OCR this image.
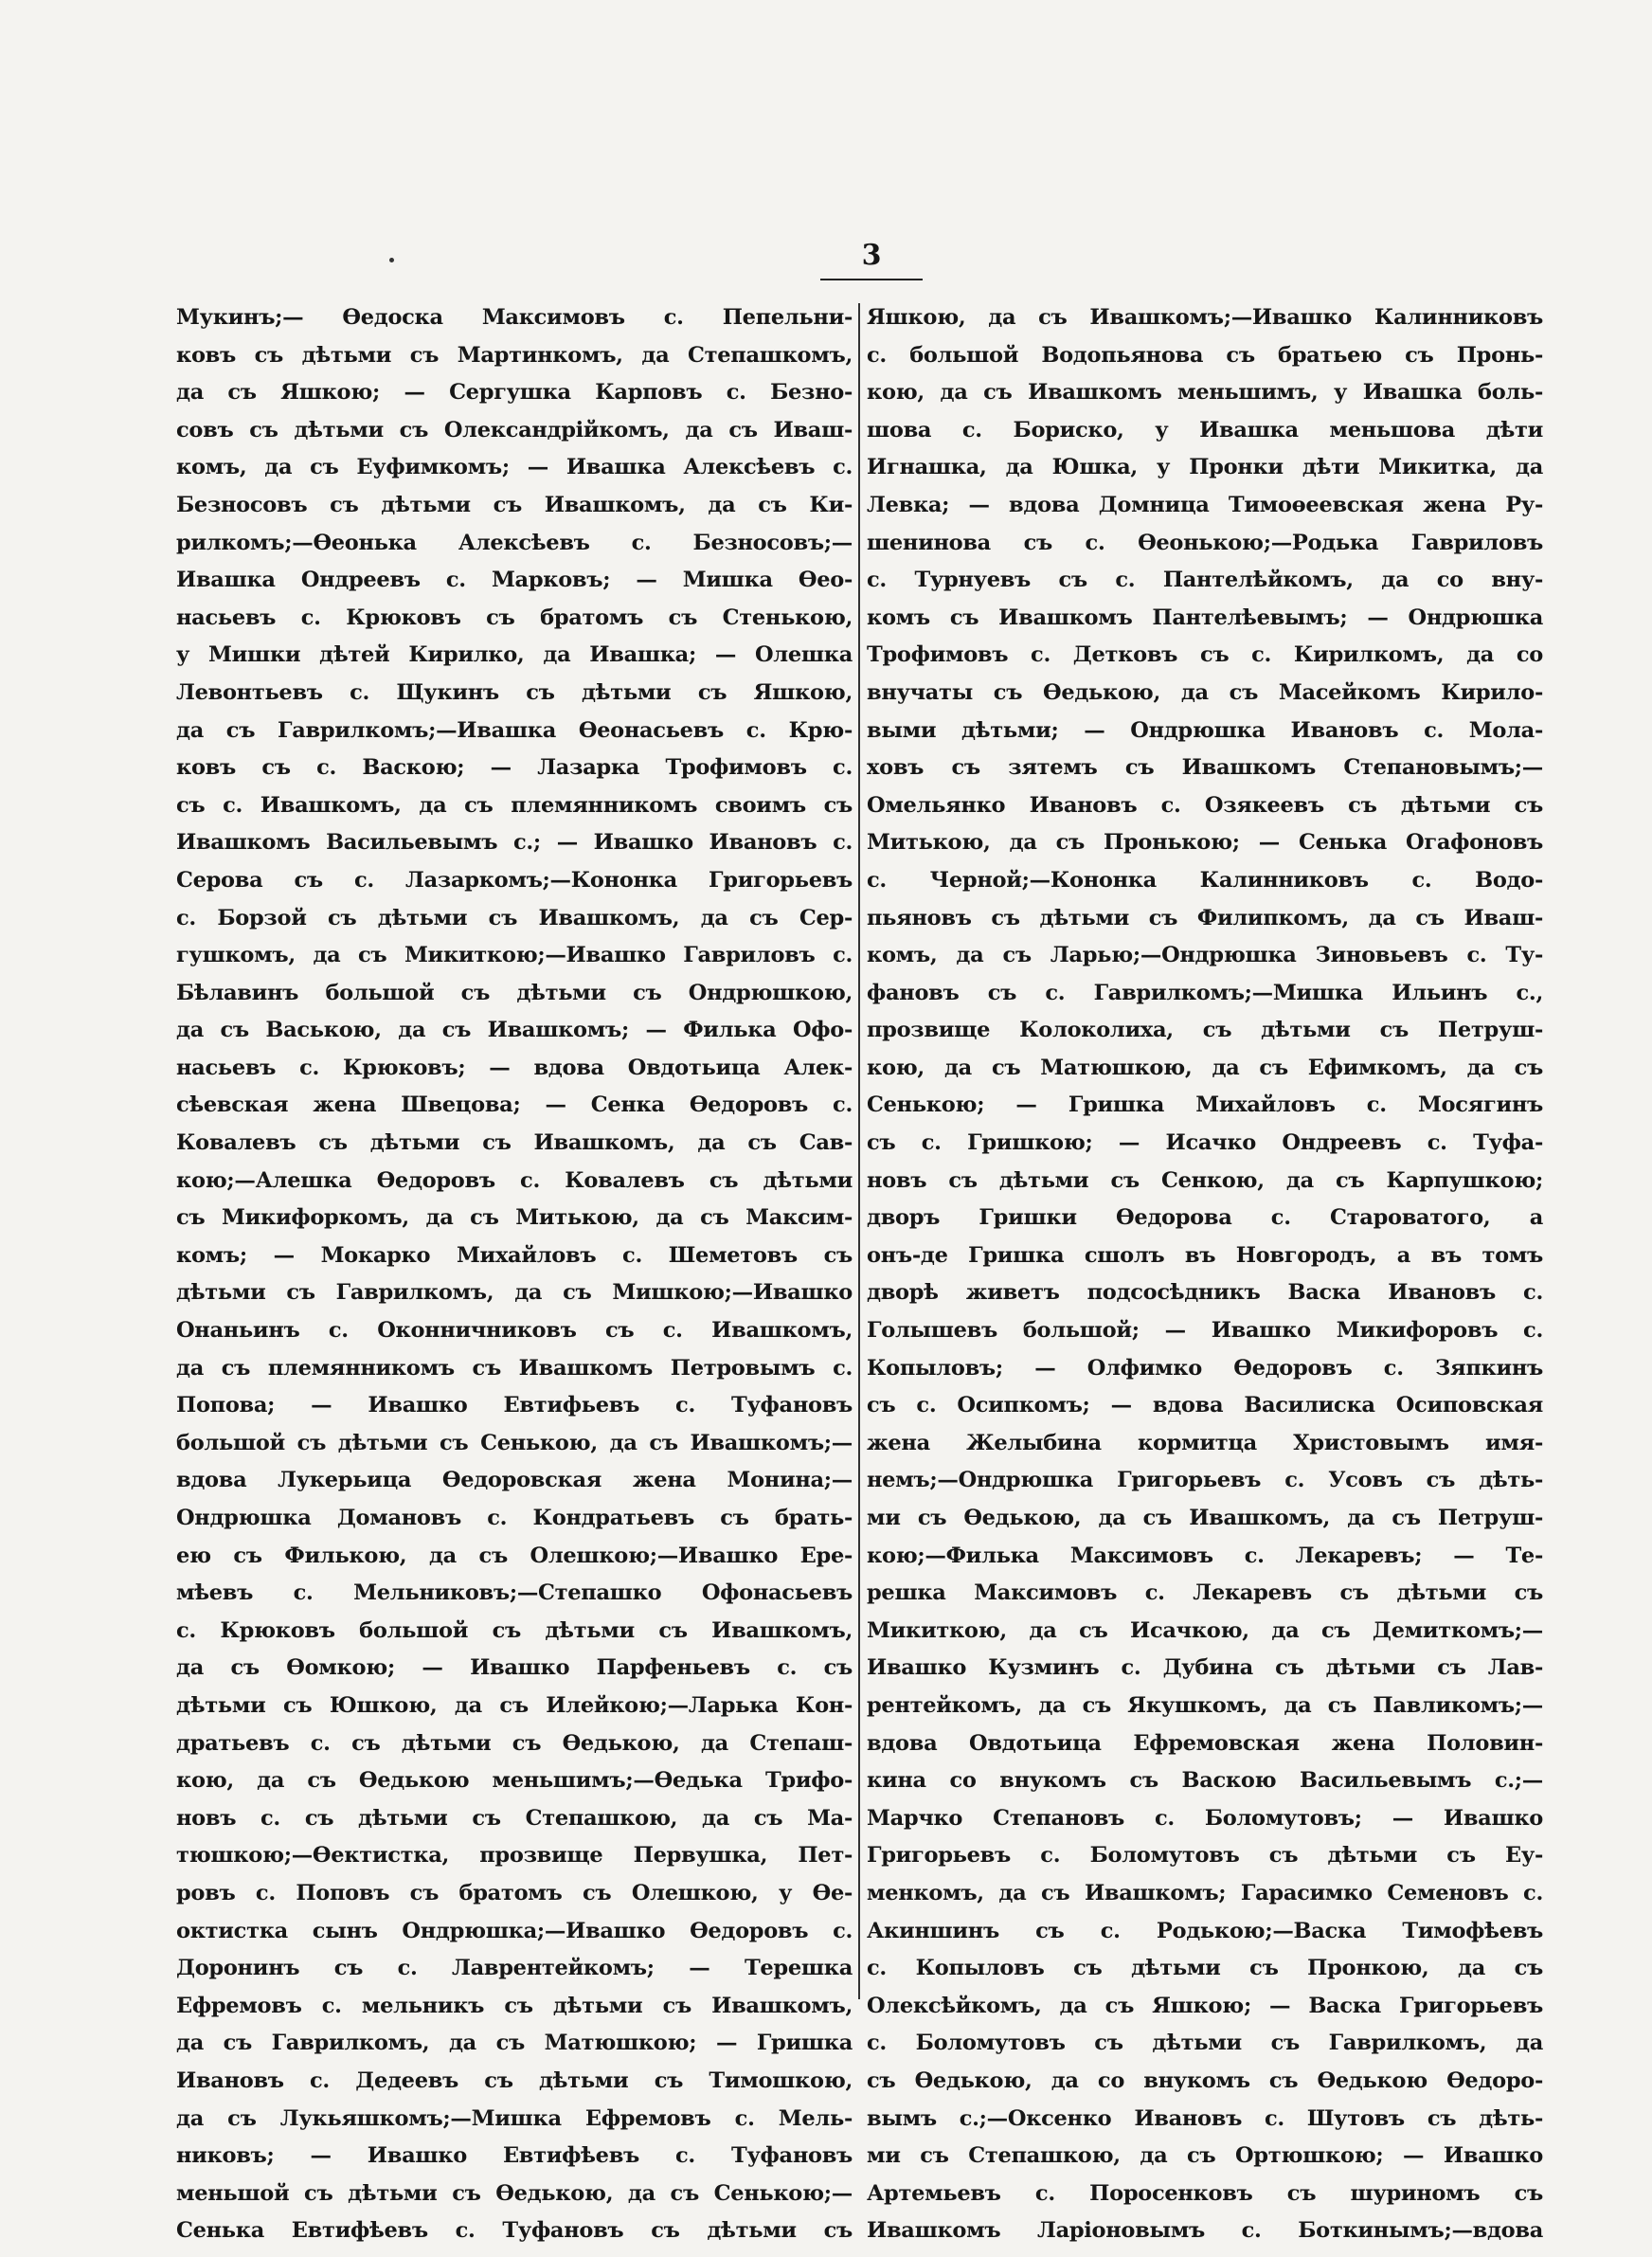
3
Мукинъ;— Өедоска Максимовъ с. Пепельни-
ковъ съ дѣтьми съ Мартинкомъ, да Степашкомъ,
да съ Яшкою; — Сергушка Карповъ с. Безно-
совъ съ дѣтьми съ Олександрійкомъ, да съ Иваш-
комъ, да съ Еуфимкомъ; — Ивашка Алексѣевъ с.
Безносовъ съ дѣтьми съ Ивашкомъ, да съ Ки-
рилкомъ;—Өеонька Алексѣевъ с. Безносовъ;—
Ивашка Ондреевъ с. Марковъ; — Мишка Өео-
насьевъ с. Крюковъ съ братомъ съ Стенькою,
у Мишки дѣтей Кирилко, да Ивашка; — Олешка
Левонтьевъ с. Щукинъ съ дѣтьми съ Яшкою,
да съ Гаврилкомъ;—Ивашка Өеонасьевъ с. Крю-
ковъ съ с. Васкою; — Лазарка Трофимовъ с.
съ с. Ивашкомъ, да съ племянникомъ своимъ съ
Ивашкомъ Васильевымъ с.; — Ивашко Ивановъ с.
Серова съ с. Лазаркомъ;—Кононка Григорьевъ
с. Борзой съ дѣтьми съ Ивашкомъ, да съ Сер-
гушкомъ, да съ Микиткою;—Ивашко Гавриловъ с.
Бѣлавинъ большой съ дѣтьми съ Ондрюшкою,
да съ Ваською, да съ Ивашкомъ; — Филька Офо-
насьевъ с. Крюковъ; — вдова Овдотьица Алек-
сѣевская жена Швецова; — Сенка Өедоровъ с.
Ковалевъ съ дѣтьми съ Ивашкомъ, да съ Сав-
кою;—Алешка Өедоровъ с. Ковалевъ съ дѣтьми
съ Микифоркомъ, да съ Митькою, да съ Максим-
комъ; — Мокарко Михайловъ с. Шеметовъ съ
дѣтьми съ Гаврилкомъ, да съ Мишкою;—Ивашко
Онаньинъ с. Оконничниковъ съ с. Ивашкомъ,
да съ племянникомъ съ Ивашкомъ Петровымъ с.
Попова; — Ивашко Евтифьевъ с. Туфановъ
большой съ дѣтьми съ Сенькою, да съ Ивашкомъ;—
вдова Лукерьица Өедоровская жена Монина;—
Ондрюшка Домановъ с. Кондратьевъ съ брать-
ею съ Филькою, да съ Олешкою;—Ивашко Ере-
мѣевъ с. Мельниковъ;—Степашко Офонасьевъ
с. Крюковъ большой съ дѣтьми съ Ивашкомъ,
да съ Өомкою; — Ивашко Парфеньевъ с. съ
дѣтьми съ Юшкою, да съ Илейкою;—Ларька Кон-
дратьевъ с. съ дѣтьми съ Өедькою, да Степаш-
кою, да съ Өедькою меньшимъ;—Өедька Трифо-
новъ с. съ дѣтьми съ Степашкою, да съ Ма-
тюшкою;—Өектистка, прозвище Первушка, Пет-
ровъ с. Поповъ съ братомъ съ Олешкою, у Өе-
октистка сынъ Ондрюшка;—Ивашко Өедоровъ с.
Доронинъ съ с. Лаврентейкомъ; — Терешка
Ефремовъ с. мельникъ съ дѣтьми съ Ивашкомъ,
да съ Гаврилкомъ, да съ Матюшкою; — Гришка
Ивановъ с. Дедеевъ съ дѣтьми съ Тимошкою,
да съ Лукьяшкомъ;—Мишка Ефремовъ с. Мель-
никовъ; — Ивашко Евтифѣевъ с. Туфановъ
меньшой съ дѣтьми съ Өедькою, да съ Сенькою;—
Сенька Евтифѣевъ с. Туфановъ съ дѣтьми съ
Яшкою, да съ Ивашкомъ;—Ивашко Калинниковъ
с. большой Водопьянова съ братьею съ Пронь-
кою, да съ Ивашкомъ меньшимъ, у Ивашка боль-
шова с. Бориско, у Ивашка меньшова дѣти
Игнашка, да Юшка, у Пронки дѣти Микитка, да
Левка; — вдова Домница Тимоөеевская жена Ру-
шенинова съ с. Өеонькою;—Родька Гавриловъ
с. Турнуевъ съ с. Пантелѣйкомъ, да со вну-
комъ съ Ивашкомъ Пантелѣевымъ; — Ондрюшка
Трофимовъ с. Детковъ съ с. Кирилкомъ, да со
внучаты съ Өедькою, да съ Масейкомъ Кирило-
выми дѣтьми; — Ондрюшка Ивановъ с. Мола-
ховъ съ зятемъ съ Ивашкомъ Степановымъ;—
Омельянко Ивановъ с. Озякеевъ съ дѣтьми съ
Митькою, да съ Пронькою; — Сенька Огафоновъ
с. Черной;—Кононка Калинниковъ с. Водо-
пьяновъ съ дѣтьми съ Филипкомъ, да съ Иваш-
комъ, да съ Ларью;—Ондрюшка Зиновьевъ с. Ту-
фановъ съ с. Гаврилкомъ;—Мишка Ильинъ с.,
прозвище Колоколиха, съ дѣтьми съ Петруш-
кою, да съ Матюшкою, да съ Ефимкомъ, да съ
Сенькою; — Гришка Михайловъ с. Мосягинъ
съ с. Гришкою; — Исачко Ондреевъ с. Туфа-
новъ съ дѣтьми съ Сенкою, да съ Карпушкою;
дворъ Гришки Өедорова с. Староватого, а
онъ-де Гришка сшолъ въ Новгородъ, а въ томъ
дворѣ живетъ подсосѣдникъ Васка Ивановъ с.
Голышевъ большой; — Ивашко Микифоровъ с.
Копыловъ; — Олфимко Өедоровъ с. Зяпкинъ
съ с. Осипкомъ; — вдова Василиска Осиповская
жена Желыбина кормитца Христовымъ имя-
немъ;—Ондрюшка Григорьевъ с. Усовъ съ дѣть-
ми съ Өедькою, да съ Ивашкомъ, да съ Петруш-
кою;—Филька Максимовъ с. Лекаревъ; — Те-
решка Максимовъ с. Лекаревъ съ дѣтьми съ
Микиткою, да съ Исачкою, да съ Демиткомъ;—
Ивашко Кузминъ с. Дубина съ дѣтьми съ Лав-
рентейкомъ, да съ Якушкомъ, да съ Павликомъ;—
вдова Овдотьица Ефремовская жена Половин-
кина со внукомъ съ Васкою Васильевымъ с.;—
Марчко Степановъ с. Боломутовъ; — Ивашко
Григорьевъ с. Боломутовъ съ дѣтьми съ Еу-
менкомъ, да съ Ивашкомъ; Гарасимко Семеновъ с.
Акиншинъ съ с. Родькою;—Васка Тимофѣевъ
с. Копыловъ съ дѣтьми съ Пронкою, да съ
Олексѣйкомъ, да съ Яшкою; — Васка Григорьевъ
с. Боломутовъ съ дѣтьми съ Гаврилкомъ, да
съ Өедькою, да со внукомъ съ Өедькою Өедоро-
вымъ с.;—Оксенко Ивановъ с. Шутовъ съ дѣть-
ми съ Степашкою, да съ Ортюшкою; — Ивашко
Артемьевъ с. Поросенковъ съ шуриномъ съ
Ивашкомъ Ларіоновымъ с. Боткинымъ;—вдова
